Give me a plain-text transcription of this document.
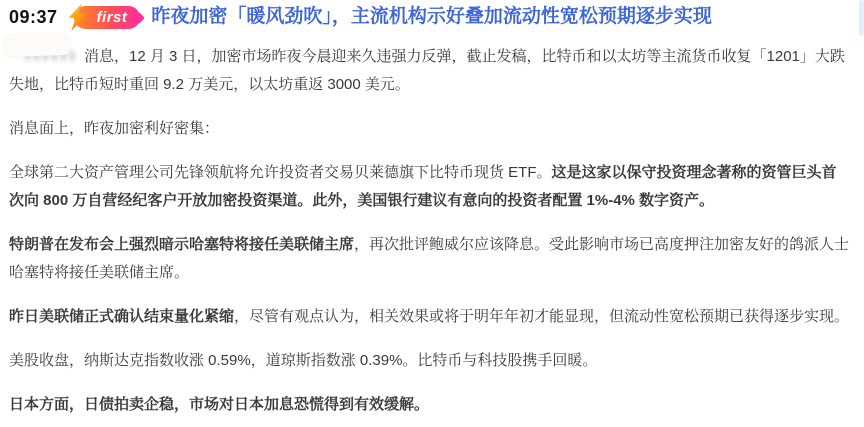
09:37	first 昨夜加密「暖风劲吹」，主流机构示好叠加流动性宽松预期逐步实现

消息，12 月 3 日，加密市场昨夜今晨迎来久违强力反弹，截止发稿，比特币和以太坊等主流货币收复「1201」大跌失地，比特币短时重回 9.2 万美元，以太坊重返 3000 美元。

消息面上，昨夜加密利好密集：

全球第二大资产管理公司先锋领航将允许投资者交易贝莱德旗下比特币现货 ETF。这是这家以保守投资理念著称的资管巨头首次向 800 万自营经纪客户开放加密投资渠道。此外，美国银行建议有意向的投资者配置 1%-4% 数字资产。

特朗普在发布会上强烈暗示哈塞特将接任美联储主席，再次批评鲍威尔应该降息。受此影响市场已高度押注加密友好的鸽派人士哈塞特将接任美联储主席。

昨日美联储正式确认结束量化紧缩，尽管有观点认为，相关效果或将于明年年初才能显现，但流动性宽松预期已获得逐步实现。

美股收盘，纳斯达克指数收涨 0.59%，道琼斯指数涨 0.39%。比特币与科技股携手回暖。

日本方面，日债拍卖企稳，市场对日本加息恐慌得到有效缓解。
